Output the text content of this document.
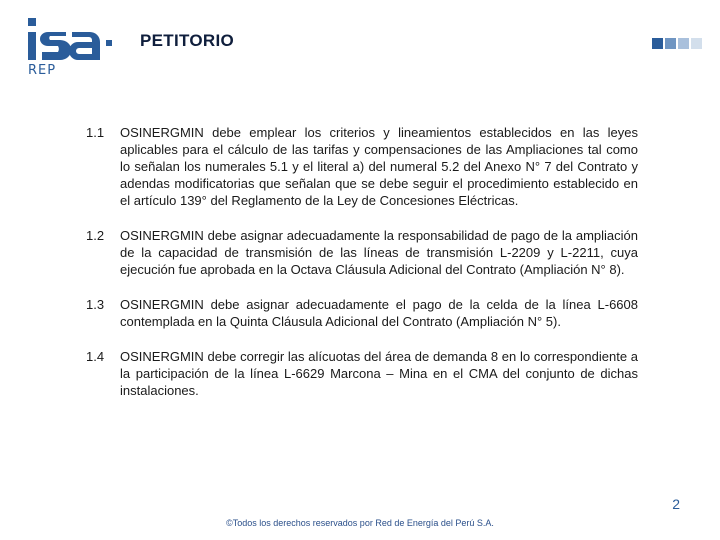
REP
PETITORIO
1.1	OSINERGMIN debe emplear los criterios y lineamientos establecidos en las leyes aplicables para el cálculo de las tarifas y compensaciones de las Ampliaciones tal como lo señalan los numerales 5.1 y el literal a) del numeral 5.2 del Anexo N° 7 del Contrato y adendas modificatorias que señalan que se debe seguir el procedimiento establecido en el artículo 139° del Reglamento de la Ley de Concesiones Eléctricas.
1.2	OSINERGMIN debe asignar adecuadamente la responsabilidad de pago de la ampliación de la capacidad de transmisión de las líneas de transmisión L-2209 y L-2211, cuya ejecución fue aprobada en la Octava Cláusula Adicional del Contrato (Ampliación N° 8).
1.3	OSINERGMIN debe asignar adecuadamente el pago de la celda de la línea L-6608 contemplada en la Quinta Cláusula Adicional del Contrato (Ampliación N° 5).
1.4	OSINERGMIN debe corregir las alícuotas del área de demanda 8 en lo correspondiente a la participación de la línea L-6629 Marcona – Mina en el CMA del conjunto de dichas instalaciones.
2
©Todos los derechos reservados por Red de Energía del Perú S.A.
